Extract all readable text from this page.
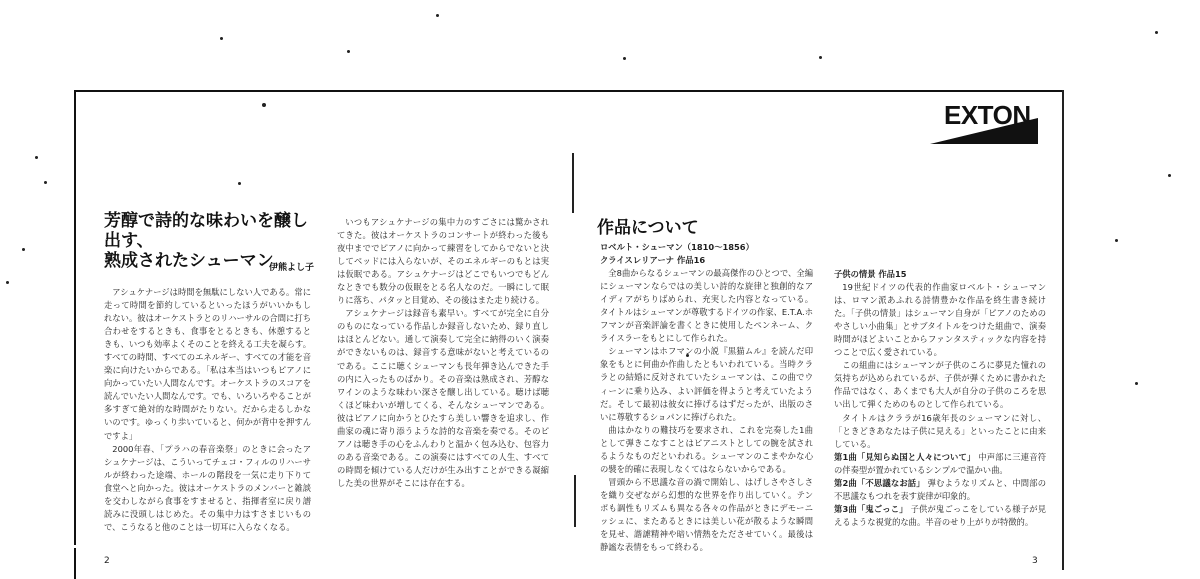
EXTON
芳醇で詩的な味わいを醸し出す、
熟成されたシューマン
伊熊よし子

アシュケナージは時間を無駄にしない人である。常に走って時間を節約しているといったほうがいいかもしれない。彼はオーケストラとのリハーサルの合間に打ち合わせをするときも、食事をとるときも、休憩するときも、いつも効率よくそのことを終える工夫を凝らす。すべての時間、すべてのエネルギー、すべての才能を音楽に向けたいからである。「私は本当はいつもピアノに向かっていたい人間なんです。オーケストラのスコアを読んでいたい人間なんです。でも、いろいろやることが多すぎて絶対的な時間がたりない。だから走るしかないのです。ゆっくり歩いていると、何かが背中を押すんですよ」

2000年春、「プラハの春音楽祭」のときに会ったアシュケナージは、こういってチェコ・フィルのリハーサルが終わった途端、ホールの階段を一気に走り下りて食堂へと向かった。彼はオーケストラのメンバーと雑談を交わしながら食事をすませると、指揮者室に戻り譜読みに没頭しはじめた。その集中力はすさまじいもので、こうなると他のことは一切耳に入らなくなる。

いつもアシュケナージの集中力のすごさには驚かされてきた。彼はオーケストラのコンサートが終わった後も夜中まででピアノに向かって練習をしてからでないと決してベッドには入らないが、そのエネルギーのもとは実は仮眠である。アシュケナージはどこでもいつでもどんなときでも数分の仮眠をとる名人なのだ。一瞬にして眠りに落ち、パタッと目覚め、その後はまた走り続ける。

アシュケナージは録音も素早い。すべてが完全に自分のものになっている作品しか録音しないため、録り直しはほとんどない。通して演奏して完全に納得のいく演奏ができないものは、録音する意味がないと考えているのである。ここに聴くシューマンも長年弾き込んできた手の内に入ったものばかり。その音楽は熟成され、芳醇なワインのような味わい深さを醸し出している。聴けば聴くほど味わいが増してくる、そんなシューマンである。彼はピアノに向かうとひたすら美しい響きを追求し、作曲家の魂に寄り添うような詩的な音楽を奏でる。そのピアノは聴き手の心をふんわりと温かく包み込む、包容力のある音楽である。この演奏にはすべての人生、すべての時間を傾けている人だけが生み出すことができる凝縮した美の世界がそこには存在する。

2
作品について

ロベルト・シューマン（1810～1856）

クライスレリアーナ 作品16

全8曲からなるシューマンの最高傑作のひとつで、全編にシューマンならではの美しい詩的な旋律と独創的なアイディアがちりばめられ、充実した内容となっている。タイトルはシューマンが尊敬するドイツの作家、E.T.A.ホフマンが音楽評論を書くときに使用したペンネーム、クライスラーをもとにして作られた。

シューマンはホフマンの小説『黒猫ムル』を読んだ印象をもとに何曲か作曲したともいわれている。当時クララとの結婚に反対されていたシューマンは、この曲でウィーンに乗り込み、よい評価を得ようと考えていたようだ。そして最初は彼女に捧げるはずだったが、出版のさいに尊敬するショパンに捧げられた。

曲はかなりの難技巧を要求され、これを完奏した1曲として弾きこなすことはピアニストとしての腕を試されるようなものだといわれる。シューマンのこまやかな心の襞を的確に表現しなくてはならないからである。

冒頭から不思議な音の渦で開始し、はげしさやさしさを織り交ぜながら幻想的な世界を作り出していく。テンポも調性もリズムも異なる各々の作品がときにデモーニッシュに、またあるときには美しい花が散るような瞬間を見せ、諧謔精神や暗い情熱をたださせていく。最後は静謐な表情をもって終わる。

子供の情景 作品15

19世紀ドイツの代表的作曲家ロベルト・シューマンは、ロマン派あふれる詩情豊かな作品を終生書き続けた。「子供の情景」はシューマン自身が「ピアノのためのやさしい小曲集」とサブタイトルをつけた組曲で、演奏時間がほどよいことからファンタスティックな内容を持つことで広く愛されている。

この組曲にはシューマンが子供のころに夢見た憧れの気持ちが込められているが、子供が弾くために書かれた作品ではなく、あくまでも大人が自分の子供のころを思い出して弾くためのものとして作られている。

タイトルはクララが16歳年長のシューマンに対し、「ときどきあなたは子供に見える」といったことに由来している。

第1曲「見知らぬ国と人々について」 中声部に三連音符の伴奏型が置かれているシンプルで温かい曲。

第2曲「不思議なお話」 弾むようなリズムと、中間部の不思議なもつれを表す旋律が印象的。

第3曲「鬼ごっこ」 子供が鬼ごっこをしている様子が見えるような視覚的な曲。半音のせり上がりが特徴的。

3
